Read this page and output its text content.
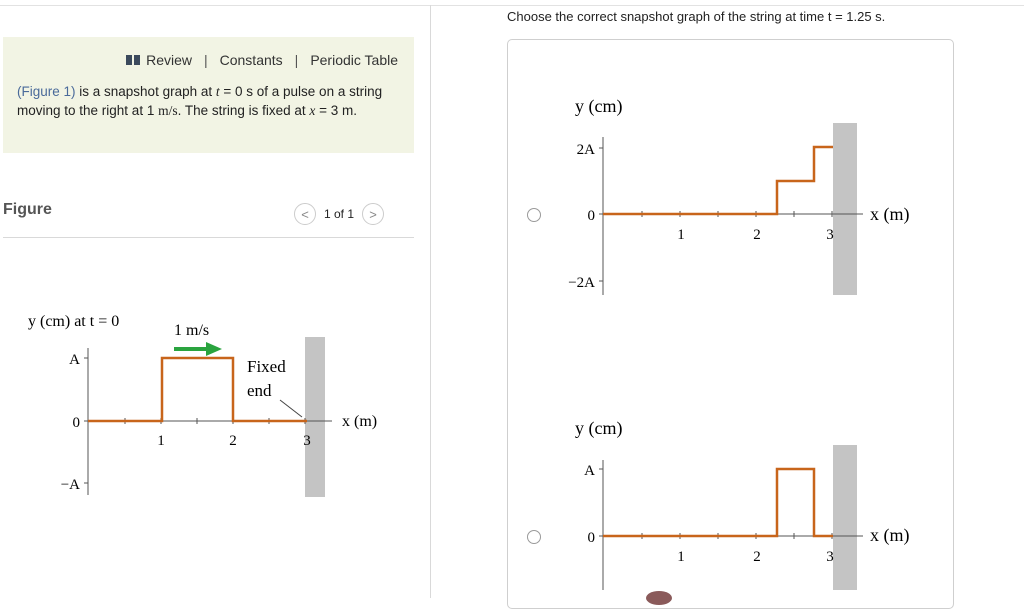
Review | Constants | Periodic Table
(Figure 1) is a snapshot graph at t = 0 s of a pulse on a string moving to the right at 1 m/s. The string is fixed at x = 3 m.
Figure	< 1 of 1 >
y (cm) at t = 0
1 m/s
A
0
−A
1	2	3
Fixed
end
x (m)
Choose the correct snapshot graph of the string at time t = 1.25 s.
y (cm)
2A
0
−2A
1	2	3
x (m)
y (cm)
A
0
1	2	3
x (m)
